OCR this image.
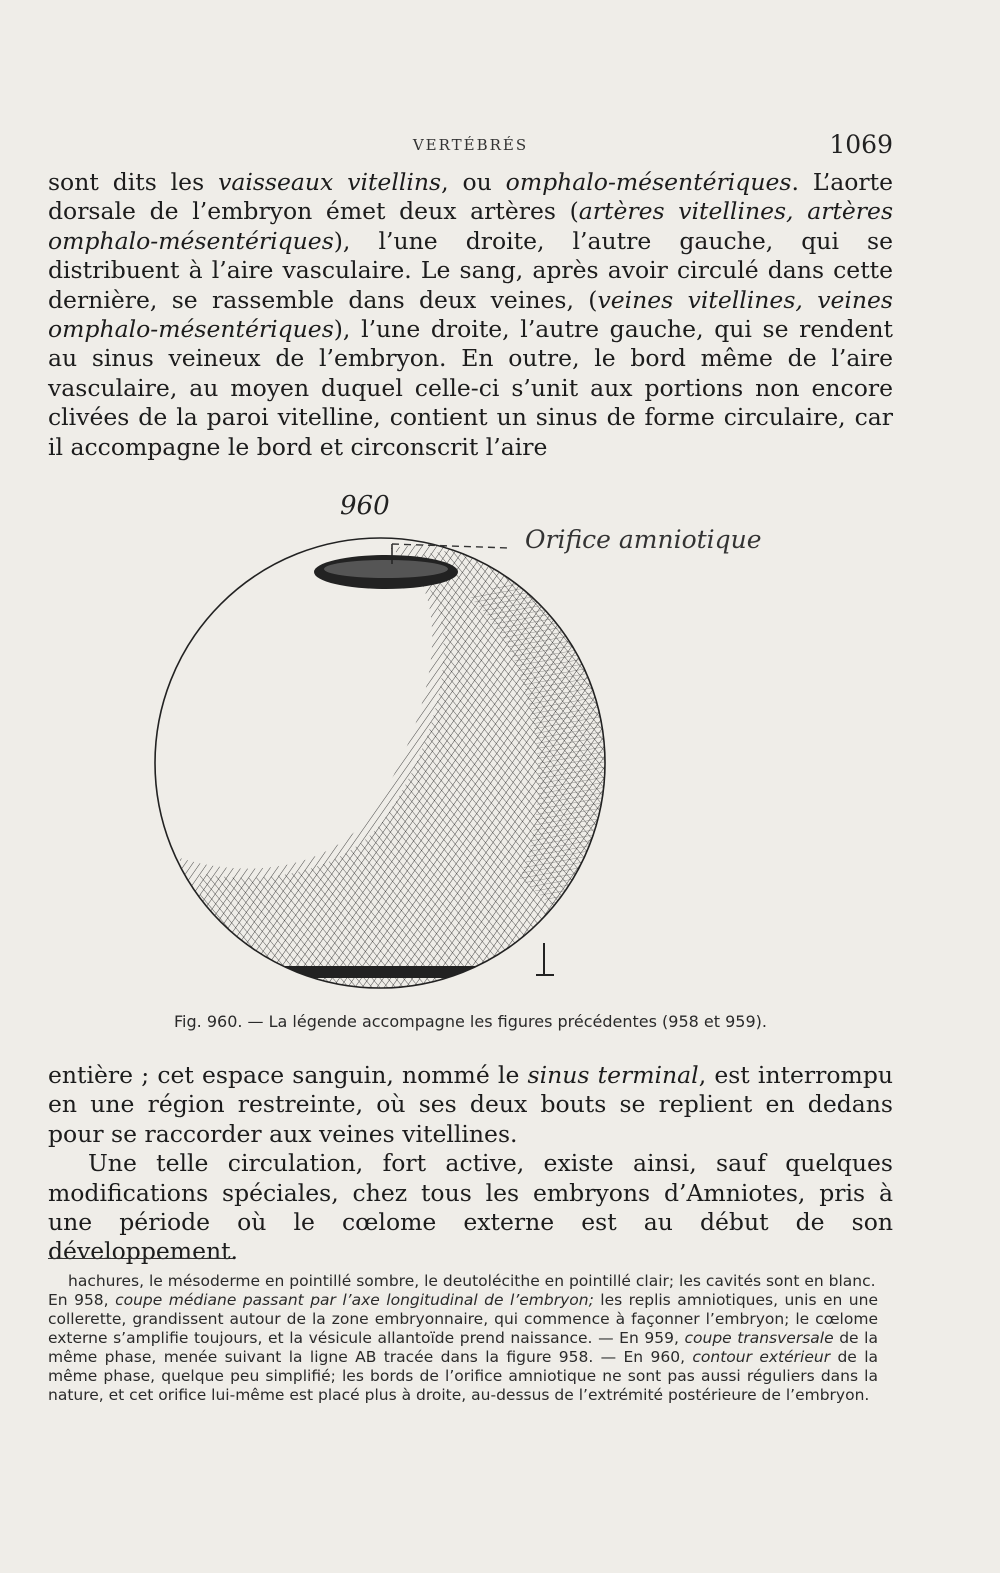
VERTÉBRÉS	1069

sont dits les vaisseaux vitellins, ou omphalo-mésentériques. L’aorte dorsale de l’embryon émet deux artères (artères vitellines, artères omphalo-mésentériques), l’une droite, l’autre gauche, qui se distribuent à l’aire vasculaire. Le sang, après avoir circulé dans cette dernière, se rassemble dans deux veines, (veines vitellines, veines omphalo-mésentériques), l’une droite, l’autre gauche, qui se rendent au sinus veineux de l’embryon. En outre, le bord même de l’aire vasculaire, au moyen duquel celle-ci s’unit aux portions non encore clivées de la paroi vitelline, contient un sinus de forme circulaire, car il accompagne le bord et circonscrit l’aire

960
Orifice amniotique
Fig. 960. — La légende accompagne les figures précédentes (958 et 959).

entière ; cet espace sanguin, nommé le sinus terminal, est interrompu en une région restreinte, où ses deux bouts se replient en dedans pour se raccorder aux veines vitellines.

Une telle circulation, fort active, existe ainsi, sauf quelques modifications spéciales, chez tous les embryons d’Amniotes, pris à une période où le cœlome externe est au début de son développement.

hachures, le mésoderme en pointillé sombre, le deutolécithe en pointillé clair; les cavités sont en blanc.

En 958, coupe médiane passant par l’axe longitudinal de l’embryon; les replis amniotiques, unis en une collerette, grandissent autour de la zone embryonnaire, qui commence à façonner l’embryon; le cœlome externe s’amplifie toujours, et la vésicule allantoïde prend naissance. — En 959, coupe transversale de la même phase, menée suivant la ligne AB tracée dans la figure 958. — En 960, contour extérieur de la même phase, quelque peu simplifié; les bords de l’orifice amniotique ne sont pas aussi réguliers dans la nature, et cet orifice lui-même est placé plus à droite, au-dessus de l’extrémité postérieure de l’embryon.
